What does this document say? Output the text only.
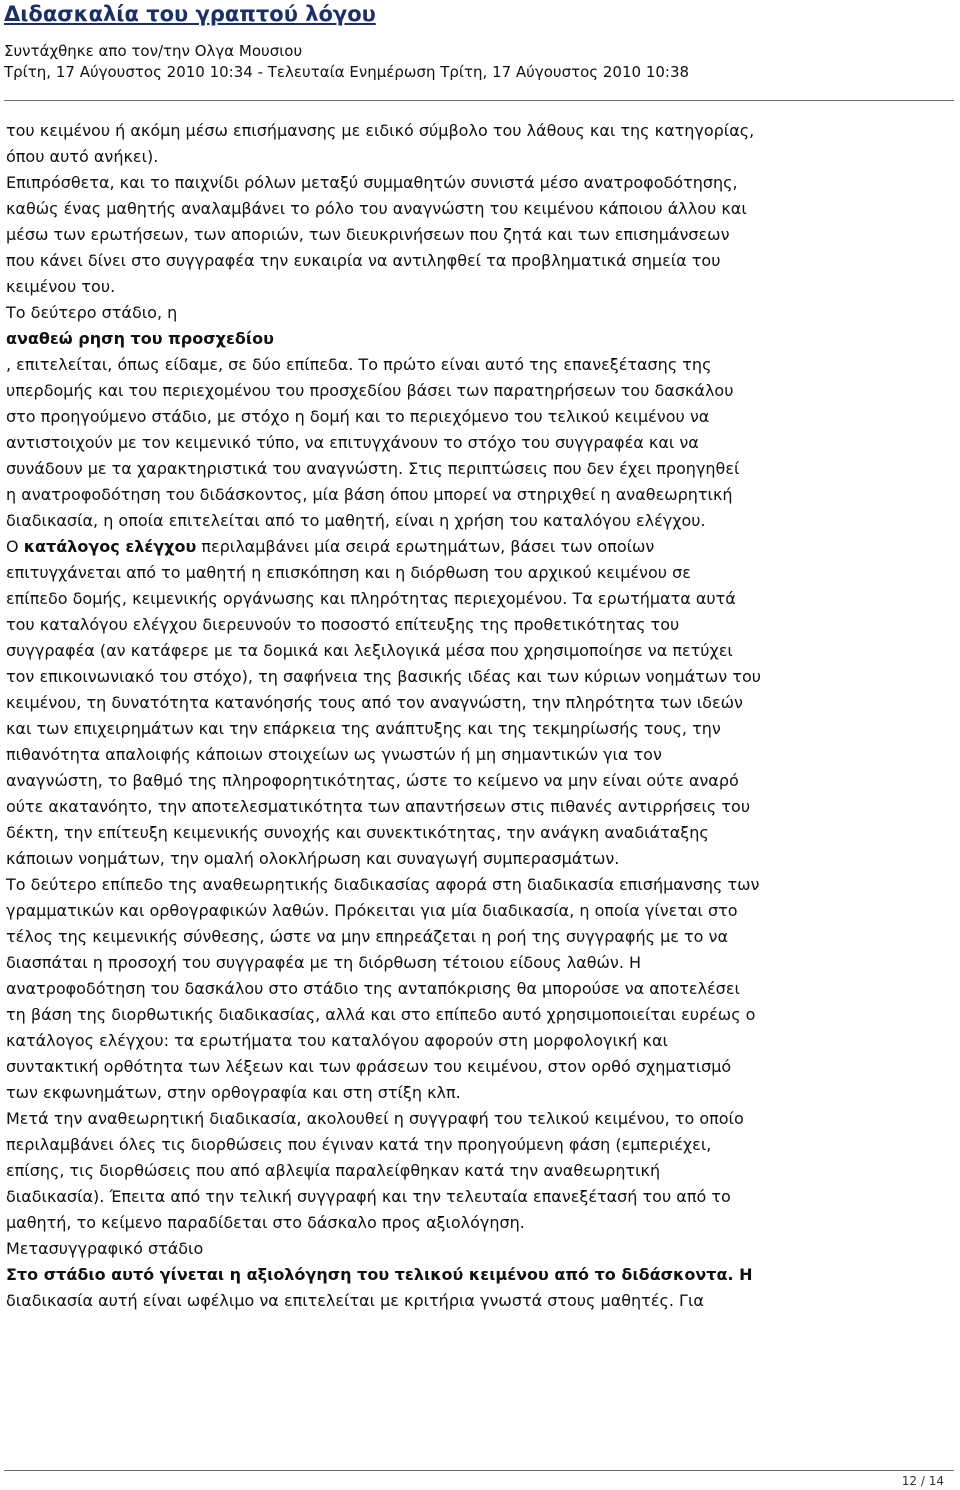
Διδασκαλία του γραπτού λόγου

Συντάχθηκε απο τον/την Ολγα Μουσιου

Τρίτη, 17 Αύγουστος 2010 10:34 - Τελευταία Ενημέρωση Τρίτη, 17 Αύγουστος 2010 10:38

του κειμένου ή ακόμη μέσω επισήμανσης με ειδικό σύμβολο του λάθους και της κατηγορίας,

όπου αυτό ανήκει).

Επιπρόσθετα, και το παιχνίδι ρόλων μεταξύ συμμαθητών συνιστά μέσο ανατροφοδότησης,

καθώς ένας μαθητής αναλαμβάνει το ρόλο του αναγνώστη του κειμένου κάποιου άλλου και

μέσω των ερωτήσεων, των αποριών, των διευκρινήσεων που ζητά και των επισημάνσεων

που κάνει δίνει στο συγγραφέα την ευκαιρία να αντιληφθεί τα προβληματικά σημεία του

κειμένου του.

Το δεύτερο στάδιο, η

αναθεώ ρηση του προσχεδίου

, επιτελείται, όπως είδαμε, σε δύο επίπεδα. Το πρώτο είναι αυτό της επανεξέτασης της

υπερδομής και του περιεχομένου του προσχεδίου βάσει των παρατηρήσεων του δασκάλου

στο προηγούμενο στάδιο, με στόχο η δομή και το περιεχόμενο του τελικού κειμένου να

αντιστοιχούν με τον κειμενικό τύπο, να επιτυγχάνουν το στόχο του συγγραφέα και να

συνάδουν με τα χαρακτηριστικά του αναγνώστη. Στις περιπτώσεις που δεν έχει προηγηθεί

η ανατροφοδότηση του διδάσκοντος, μία βάση όπου μπορεί να στηριχθεί η αναθεωρητική

διαδικασία, η οποία επιτελείται από το μαθητή, είναι η χρήση του καταλόγου ελέγχου.

Ο κατάλογος ελέγχου περιλαμβάνει μία σειρά ερωτημάτων, βάσει των οποίων

επιτυγχάνεται από το μαθητή η επισκόπηση και η διόρθωση του αρχικού κειμένου σε

επίπεδο δομής, κειμενικής οργάνωσης και πληρότητας περιεχομένου. Τα ερωτήματα αυτά

του καταλόγου ελέγχου διερευνούν το ποσοστό επίτευξης της προθετικότητας του

συγγραφέα (αν κατάφερε με τα δομικά και λεξιλογικά μέσα που χρησιμοποίησε να πετύχει

τον επικοινωνιακό του στόχο), τη σαφήνεια της βασικής ιδέας και των κύριων νοημάτων του

κειμένου, τη δυνατότητα κατανόησής τους από τον αναγνώστη, την πληρότητα των ιδεών

και των επιχειρημάτων και την επάρκεια της ανάπτυξης και της τεκμηρίωσής τους, την

πιθανότητα απαλοιφής κάποιων στοιχείων ως γνωστών ή μη σημαντικών για τον

αναγνώστη, το βαθμό της πληροφορητικότητας, ώστε το κείμενο να μην είναι ούτε αναρό

ούτε ακατανόητο, την αποτελεσματικότητα των απαντήσεων στις πιθανές αντιρρήσεις του

δέκτη, την επίτευξη κειμενικής συνοχής και συνεκτικότητας, την ανάγκη αναδιάταξης

κάποιων νοημάτων, την ομαλή ολοκλήρωση και συναγωγή συμπερασμάτων.

Το δεύτερο επίπεδο της αναθεωρητικής διαδικασίας αφορά στη διαδικασία επισήμανσης των

γραμματικών και ορθογραφικών λαθών. Πρόκειται για μία διαδικασία, η οποία γίνεται στο

τέλος της κειμενικής σύνθεσης, ώστε να μην επηρεάζεται η ροή της συγγραφής με το να

διασπάται η προσοχή του συγγραφέα με τη διόρθωση τέτοιου είδους λαθών. Η

ανατροφοδότηση του δασκάλου στο στάδιο της ανταπόκρισης θα μπορούσε να αποτελέσει

τη βάση της διορθωτικής διαδικασίας, αλλά και στο επίπεδο αυτό χρησιμοποιείται ευρέως ο

κατάλογος ελέγχου: τα ερωτήματα του καταλόγου αφορούν στη μορφολογική και

συντακτική ορθότητα των λέξεων και των φράσεων του κειμένου, στον ορθό σχηματισμό

των εκφωνημάτων, στην ορθογραφία και στη στίξη κλπ.

Μετά την αναθεωρητική διαδικασία, ακολουθεί η συγγραφή του τελικού κειμένου, το οποίο

περιλαμβάνει όλες τις διορθώσεις που έγιναν κατά την προηγούμενη φάση (εμπεριέχει,

επίσης, τις διορθώσεις που από αβλεψία παραλείφθηκαν κατά την αναθεωρητική

διαδικασία). Έπειτα από την τελική συγγραφή και την τελευταία επανεξέτασή του από το

μαθητή, το κείμενο παραδίδεται στο δάσκαλο προς αξιολόγηση.

Μετασυγγραφικό στάδιο

Στο στάδιο αυτό γίνεται η αξιολόγηση του τελικού κειμένου από το διδάσκοντα. Η

διαδικασία αυτή είναι ωφέλιμο να επιτελείται με κριτήρια γνωστά στους μαθητές. Για

12 / 14
